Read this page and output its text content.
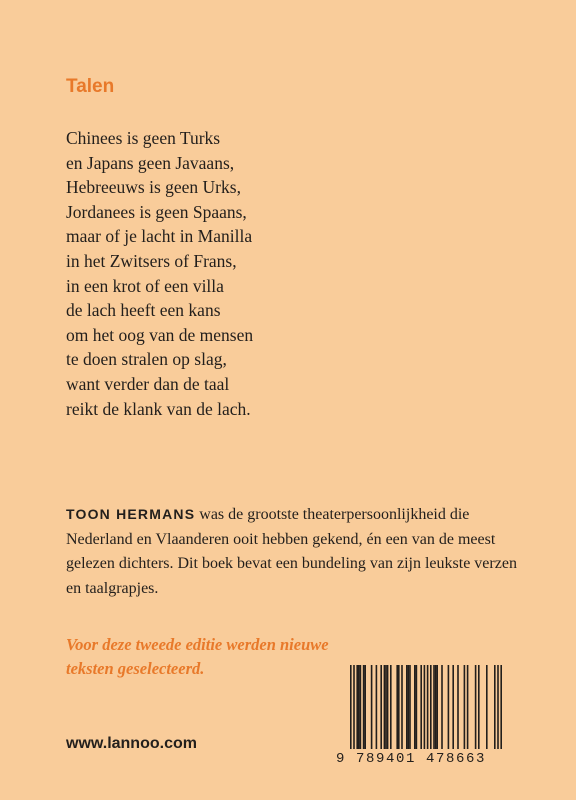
Talen
Chinees is geen Turks
en Japans geen Javaans,
Hebreeuws is geen Urks,
Jordanees is geen Spaans,
maar of je lacht in Manilla
in het Zwitsers of Frans,
in een krot of een villa
de lach heeft een kans
om het oog van de mensen
te doen stralen op slag,
want verder dan de taal
reikt de klank van de lach.

TOON HERMANS was de grootste theaterpersoonlijkheid die Nederland en Vlaanderen ooit hebben gekend, én een van de meest gelezen dichters. Dit boek bevat een bundeling van zijn leukste verzen en taalgrapjes.

Voor deze tweede editie werden nieuwe teksten geselecteerd.

www.lannoo.com

9 789401 478663
